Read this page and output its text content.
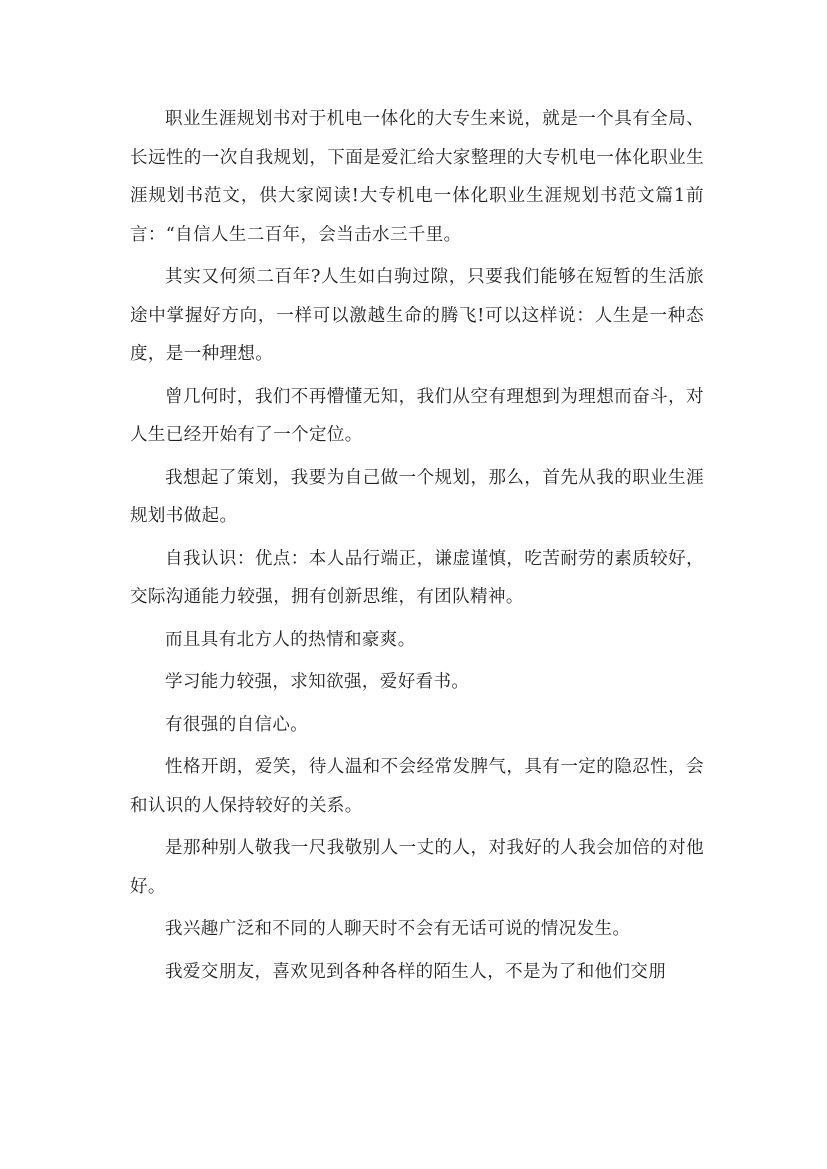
职业生涯规划书对于机电一体化的大专生来说，就是一个具有全局、长远性的一次自我规划，下面是爱汇给大家整理的大专机电一体化职业生涯规划书范文，供大家阅读!大专机电一体化职业生涯规划书范文篇1前言：“自信人生二百年，会当击水三千里。

其实又何须二百年?人生如白驹过隙，只要我们能够在短暂的生活旅途中掌握好方向，一样可以激越生命的腾飞!可以这样说：人生是一种态度，是一种理想。

曾几何时，我们不再懵懂无知，我们从空有理想到为理想而奋斗，对人生已经开始有了一个定位。

我想起了策划，我要为自己做一个规划，那么，首先从我的职业生涯规划书做起。

自我认识：优点：本人品行端正，谦虚谨慎，吃苦耐劳的素质较好，交际沟通能力较强，拥有创新思维，有团队精神。

而且具有北方人的热情和豪爽。

学习能力较强，求知欲强，爱好看书。

有很强的自信心。

性格开朗，爱笑，待人温和不会经常发脾气，具有一定的隐忍性，会和认识的人保持较好的关系。

是那种别人敬我一尺我敬别人一丈的人，对我好的人我会加倍的对他好。

我兴趣广泛和不同的人聊天时不会有无话可说的情况发生。

我爱交朋友，喜欢见到各种各样的陌生人，不是为了和他们交朋
